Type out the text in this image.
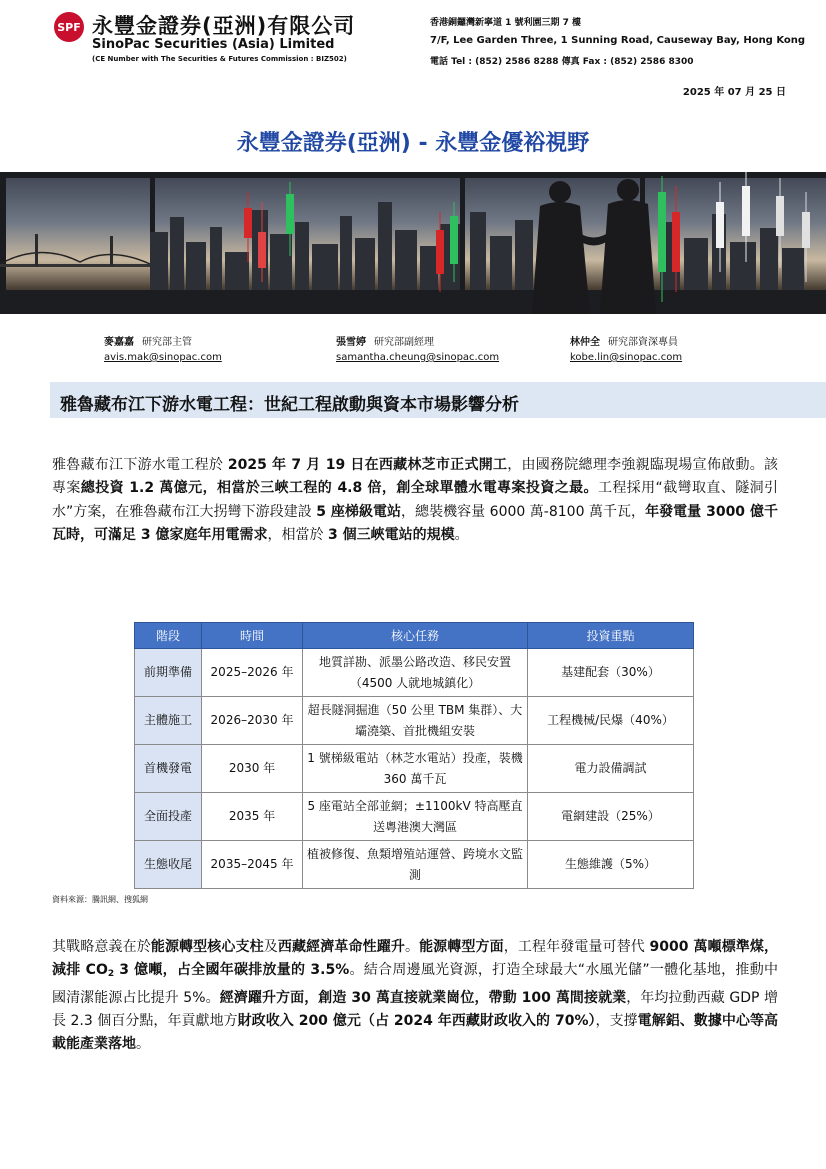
SPF 永豐金證券(亞洲)有限公司
SinoPac Securities (Asia) Limited
(CE Number with The Securities & Futures Commission : BIZ502)
香港銅鑼灣新寧道 1 號利園三期 7 樓
7/F, Lee Garden Three, 1 Sunning Road, Causeway Bay, Hong Kong
電話 Tel : (852) 2586 8288 傳真 Fax : (852) 2586 8300
2025 年 07 月 25 日
永豐金證券(亞洲) - 永豐金優裕視野
麥嘉嘉 研究部主管
avis.mak@sinopac.com
張雪婷 研究部副經理
samantha.cheung@sinopac.com
林仲全 研究部資深專員
kobe.lin@sinopac.com
雅魯藏布江下游水電工程：世紀工程啟動與資本市場影響分析

雅魯藏布江下游水電工程於 2025 年 7 月 19 日在西藏林芝市正式開工，由國務院總理李強親臨現場宣佈啟動。該專案總投資 1.2 萬億元，相當於三峽工程的 4.8 倍，創全球單體水電專案投資之最。工程採用“截彎取直、隧洞引水”方案，在雅魯藏布江大拐彎下游段建設 5 座梯級電站，總裝機容量 6000 萬-8100 萬千瓦，年發電量 3000 億千瓦時，可滿足 3 億家庭年用電需求，相當於 3 個三峽電站的規模。

階段	時間	核心任務	投資重點
前期準備	2025–2026 年	地質詳勘、派墨公路改造、移民安置（4500 人就地城鎮化）	基建配套（30%）
主體施工	2026–2030 年	超長隧洞掘進（50 公里 TBM 集群）、大壩澆築、首批機組安裝	工程機械/民爆（40%）
首機發電	2030 年	1 號梯級電站（林芝水電站）投產，裝機 360 萬千瓦	電力設備調試
全面投產	2035 年	5 座電站全部並網；±1100kV 特高壓直送粵港澳大灣區	電網建設（25%）
生態收尾	2035–2045 年	植被修復、魚類增殖站運營、跨境水文監測	生態維護（5%）
資料來源：騰訊網、搜狐網

其戰略意義在於能源轉型核心支柱及西藏經濟革命性躍升。能源轉型方面，工程年發電量可替代 9000 萬噸標準煤，減排 $CO_2$ 3 億噸，占全國年碳排放量的 3.5%。結合周邊風光資源，打造全球最大“水風光儲”一體化基地，推動中國清潔能源占比提升 5%。經濟躍升方面，創造 30 萬直接就業崗位，帶動 100 萬間接就業，年均拉動西藏 GDP 增長 2.3 個百分點，年貢獻地方財政收入 200 億元（占 2024 年西藏財政收入的 70%），支撐電解鋁、數據中心等高載能產業落地。
